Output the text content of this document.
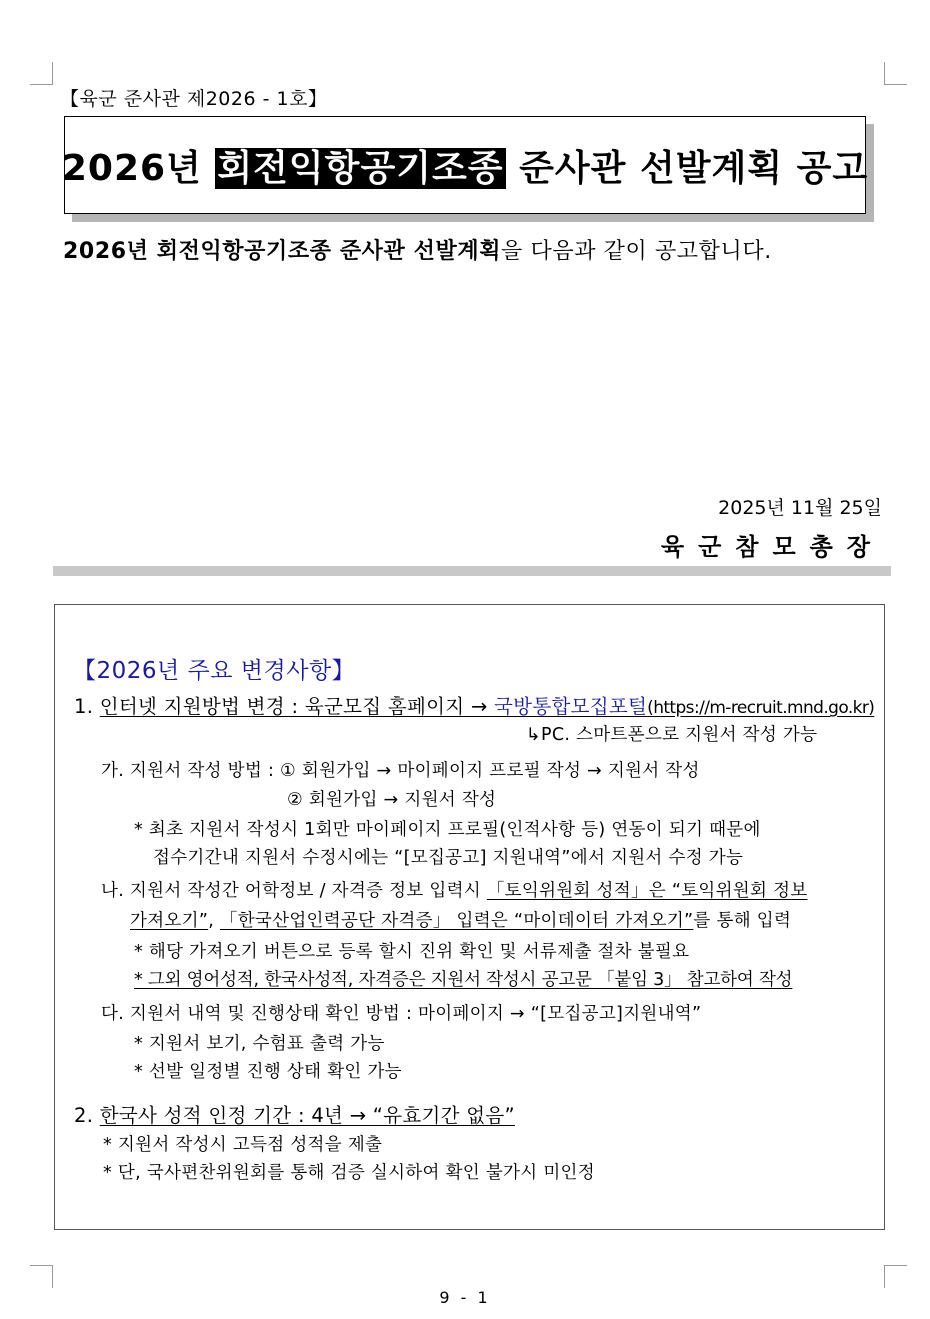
【육군 준사관 제2026 - 1호】
2026년 회전익항공기조종 준사관 선발계획 공고
2026년 회전익항공기조종 준사관 선발계획을 다음과 같이 공고합니다.
2025년 11월 25일
육군참모총장
【2026년 주요 변경사항】
1. 인터넷 지원방법 변경 : 육군모집 홈페이지 → 국방통합모집포털(https://m-recruit.mnd.go.kr)
↳PC. 스마트폰으로 지원서 작성 가능
가. 지원서 작성 방법 : ① 회원가입 → 마이페이지 프로필 작성 → 지원서 작성
② 회원가입 → 지원서 작성
* 최초 지원서 작성시 1회만 마이페이지 프로필(인적사항 등) 연동이 되기 때문에
접수기간내 지원서 수정시에는 “[모집공고] 지원내역”에서 지원서 수정 가능
나. 지원서 작성간 어학정보 / 자격증 정보 입력시 「토익위원회 성적」은 “토익위원회 정보
가져오기”, 「한국산업인력공단 자격증」 입력은 “마이데이터 가져오기”를 통해 입력
* 해당 가져오기 버튼으로 등록 할시 진위 확인 및 서류제출 절차 불필요
* 그외 영어성적, 한국사성적, 자격증은 지원서 작성시 공고문 「붙임 3」 참고하여 작성
다. 지원서 내역 및 진행상태 확인 방법 : 마이페이지 → “[모집공고]지원내역”
* 지원서 보기, 수험표 출력 가능
* 선발 일정별 진행 상태 확인 가능
2. 한국사 성적 인정 기간 : 4년 → “유효기간 없음”
* 지원서 작성시 고득점 성적을 제출
* 단, 국사편찬위원회를 통해 검증 실시하여 확인 불가시 미인정
9 - 1
